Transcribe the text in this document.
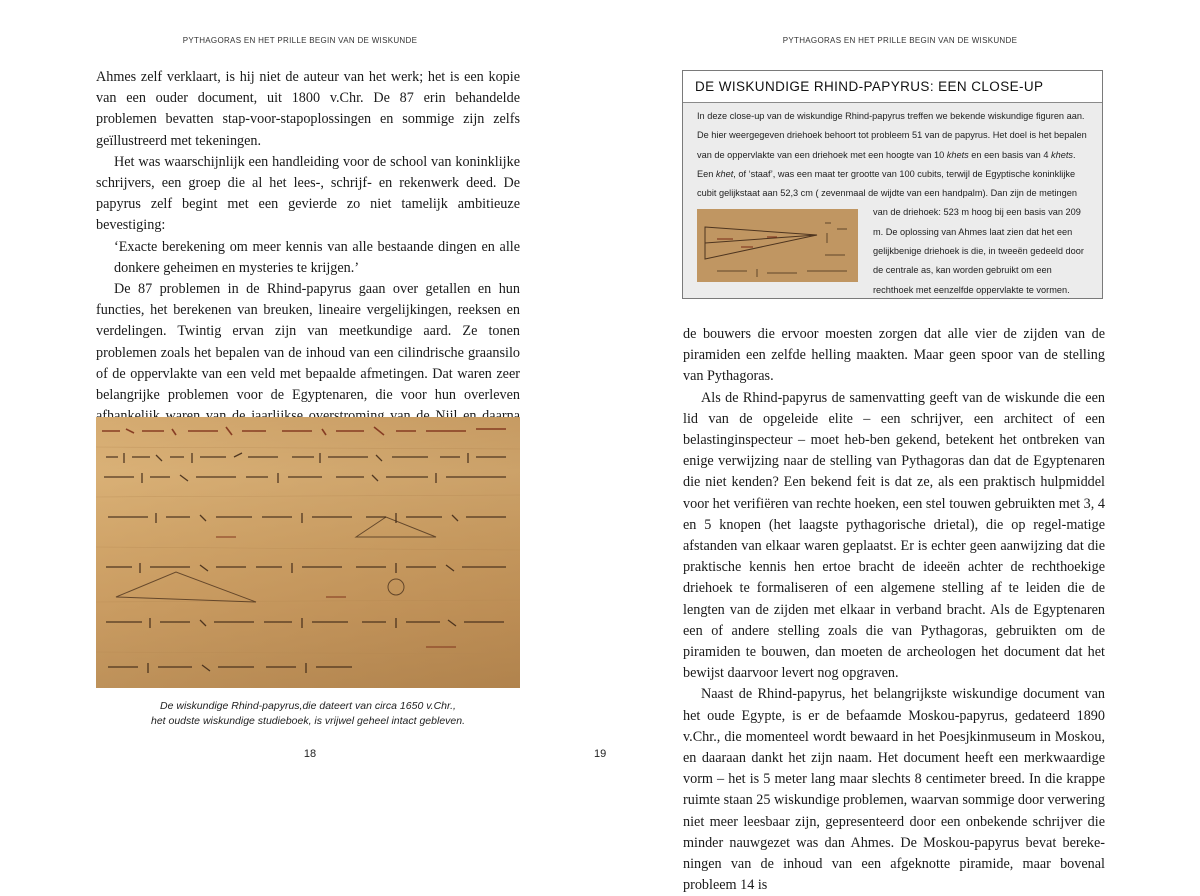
PYTHAGORAS EN HET PRILLE BEGIN VAN DE WISKUNDE

Ahmes zelf verklaart, is hij niet de auteur van het werk; het is een kopie van een ouder document, uit 1800 v.Chr. De 87 erin behandelde problemen bevatten stap-voor-stapoplossingen en sommige zijn zelfs geïllustreerd met tekeningen.

Het was waarschijnlijk een handleiding voor de school van koninklijke schrijvers, een groep die al het lees-, schrijf- en rekenwerk deed. De papyrus zelf begint met een gevierde zo niet tamelijk ambitieuze bevestiging:

‘Exacte berekening om meer kennis van alle bestaande dingen en alle donkere geheimen en mysteries te krijgen.’

De 87 problemen in de Rhind-papyrus gaan over getallen en hun functies, het berekenen van breuken, lineaire vergelijkingen, reeksen en verdelingen. Twintig ervan zijn van meetkundige aard. Ze tonen problemen zoals het bepalen van de inhoud van een cilindrische graansilo of de oppervlakte van een veld met bepaalde afmetingen. Dat waren zeer belangrijke problemen voor de Egyptenaren, die voor hun overleven

De wiskundige Rhind-papyrus,die dateert van circa 1650 v.Chr.,
het oudste wiskundige studieboek, is vrijwel geheel intact gebleven.
18
PYTHAGORAS EN HET PRILLE BEGIN VAN DE WISKUNDE
DE WISKUNDIGE RHIND-PAPYRUS: EEN CLOSE-UP
In deze close-up van de wiskundige Rhind-papyrus treffen we bekende wiskundige figuren aan.
De hier weergegeven driehoek behoort tot probleem 51 van de papyrus. Het doel is het bepalen
van de oppervlakte van een driehoek met een hoogte van 10 khets en een basis van 4 khets.
Een khet, of ‘staaf’, was een maat ter grootte van 100 cubits, terwijl de Egyptische koninklijke
cubit gelijkstaat aan 52,3 cm ( zevenmaal de wijdte van een handpalm). Dan zijn de metingen
van de driehoek: 523 m hoog bij een basis van 209
m. De oplossing van Ahmes laat zien dat het een
gelijkbenige driehoek is die, in tweeën gedeeld door
de centrale as, kan worden gebruikt om een
rechthoek met eenzelfde oppervlakte te vormen.

de bouwers die ervoor moesten zorgen dat alle vier de zijden van de piramiden een zelfde helling maakten. Maar geen spoor van de stelling van Pythagoras.

Als de Rhind-papyrus de samenvatting geeft van de wiskunde die een lid van de opgeleide elite – een schrijver, een architect of een belastinginspecteur – moet heb-ben gekend, betekent het ontbreken van enige verwijzing naar de stelling van Pythagoras dan dat de Egyptenaren die niet kenden? Een bekend feit is dat ze, als een praktisch hulpmiddel voor het verifiëren van rechte hoeken, een stel touwen gebruikten met 3, 4 en 5 knopen (het laagste pythagorische drietal), die op regel-matige afstanden van elkaar waren geplaatst. Er is echter geen aanwijzing dat die praktische kennis hen ertoe bracht de ideeën achter de rechthoekige driehoek te formaliseren of een algemene stelling af te leiden die de lengten van de zijden met elkaar in verband bracht. Als de Egyptenaren een of andere stelling zoals die van Pythagoras, gebruikten om de piramiden te bouwen, dan moeten de archeologen het document dat het bewijst daarvoor levert nog opgraven.

Naast de Rhind-papyrus, het belangrijkste wiskundige document van het oude Egypte, is er de befaamde Moskou-papyrus, gedateerd 1890 v.Chr., die momenteel wordt bewaard in het Poesjkinmuseum in Moskou, en daaraan dankt het zijn naam. Het document heeft een merkwaardige vorm – het is 5 meter lang maar slechts 8 centimeter breed. In die krappe ruimte staan 25 wiskundige problemen, waarvan sommige door verwering niet meer leesbaar zijn, gepresenteerd door een onbekende schrijver die minder nauwgezet was dan Ahmes. De Moskou-papyrus bevat bereke-ningen van de inhoud van een afgeknotte piramide, maar bovenal probleem 14 is

19
